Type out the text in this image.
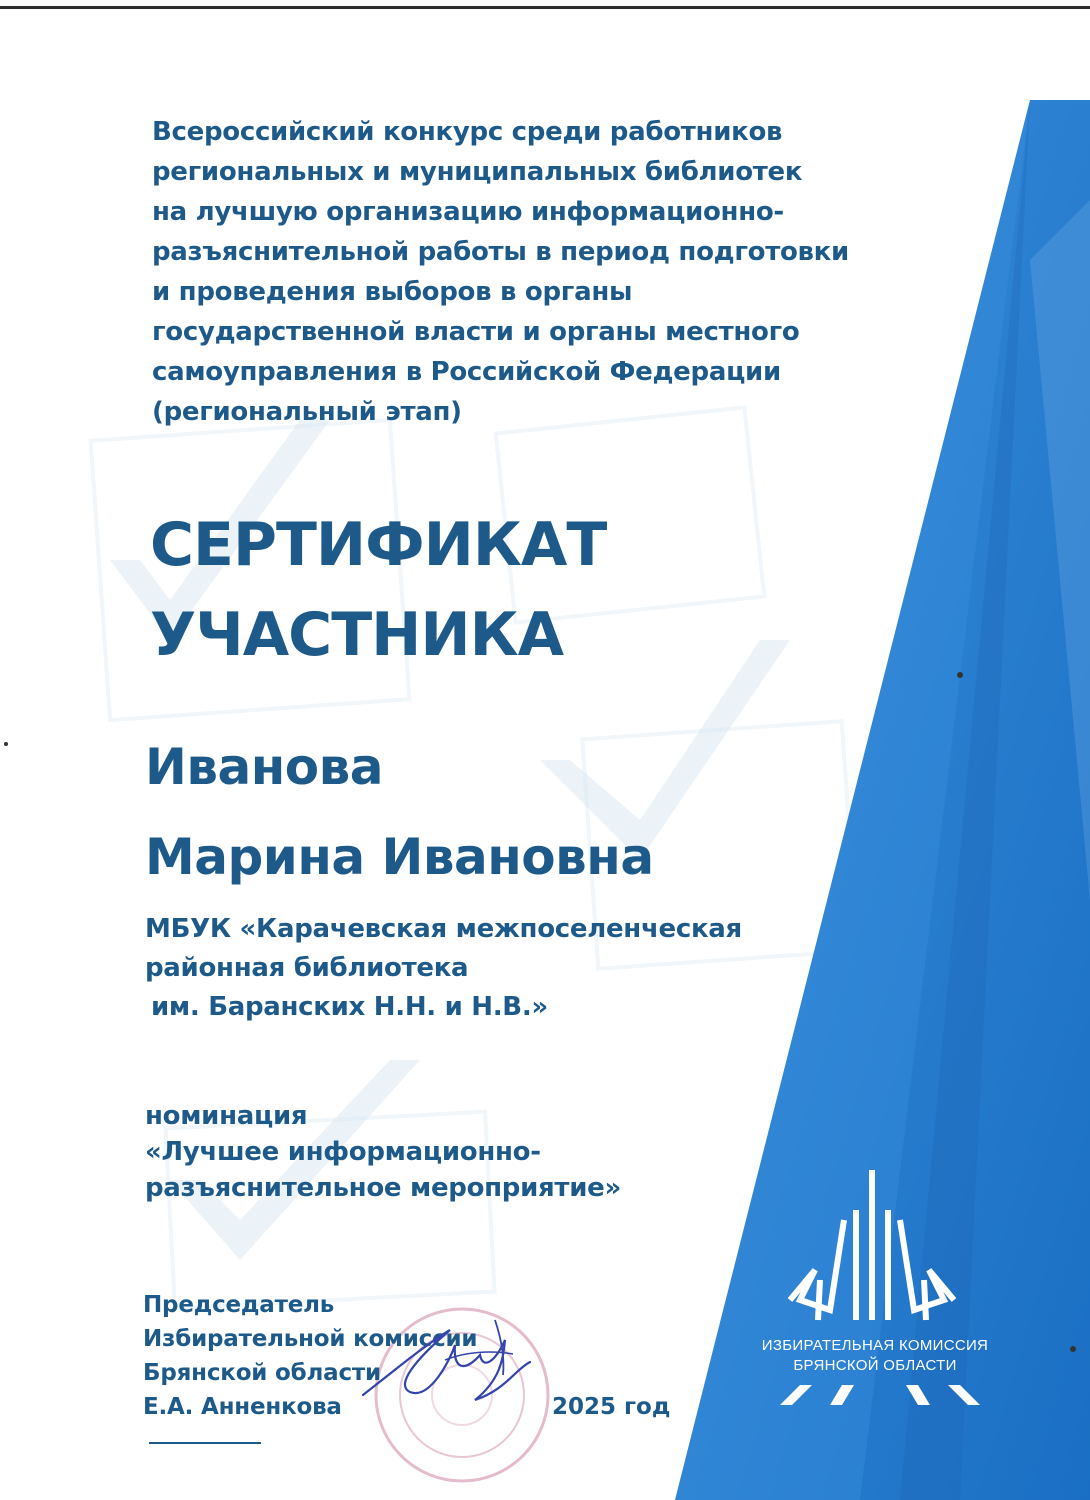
Всероссийский конкурс среди работников
региональных и муниципальных библиотек
на лучшую организацию информационно-
разъяснительной работы в период подготовки
и проведения выборов в органы
государственной власти и органы местного
самоуправления в Российской Федерации
(региональный этап)
СЕРТИФИКАТ
УЧАСТНИКА
Иванова
Марина Ивановна
МБУК «Карачевская межпоселенческая
районная библиотека
им. Баранских Н.Н. и Н.В.»
номинация
«Лучшее информационно-
разъяснительное мероприятие»
Председатель
Избирательной комиссии
Брянской области
Е.А. Анненкова	2025 год
ИЗБИРАТЕЛЬНАЯ КОМИССИЯ
БРЯНСКОЙ ОБЛАСТИ
